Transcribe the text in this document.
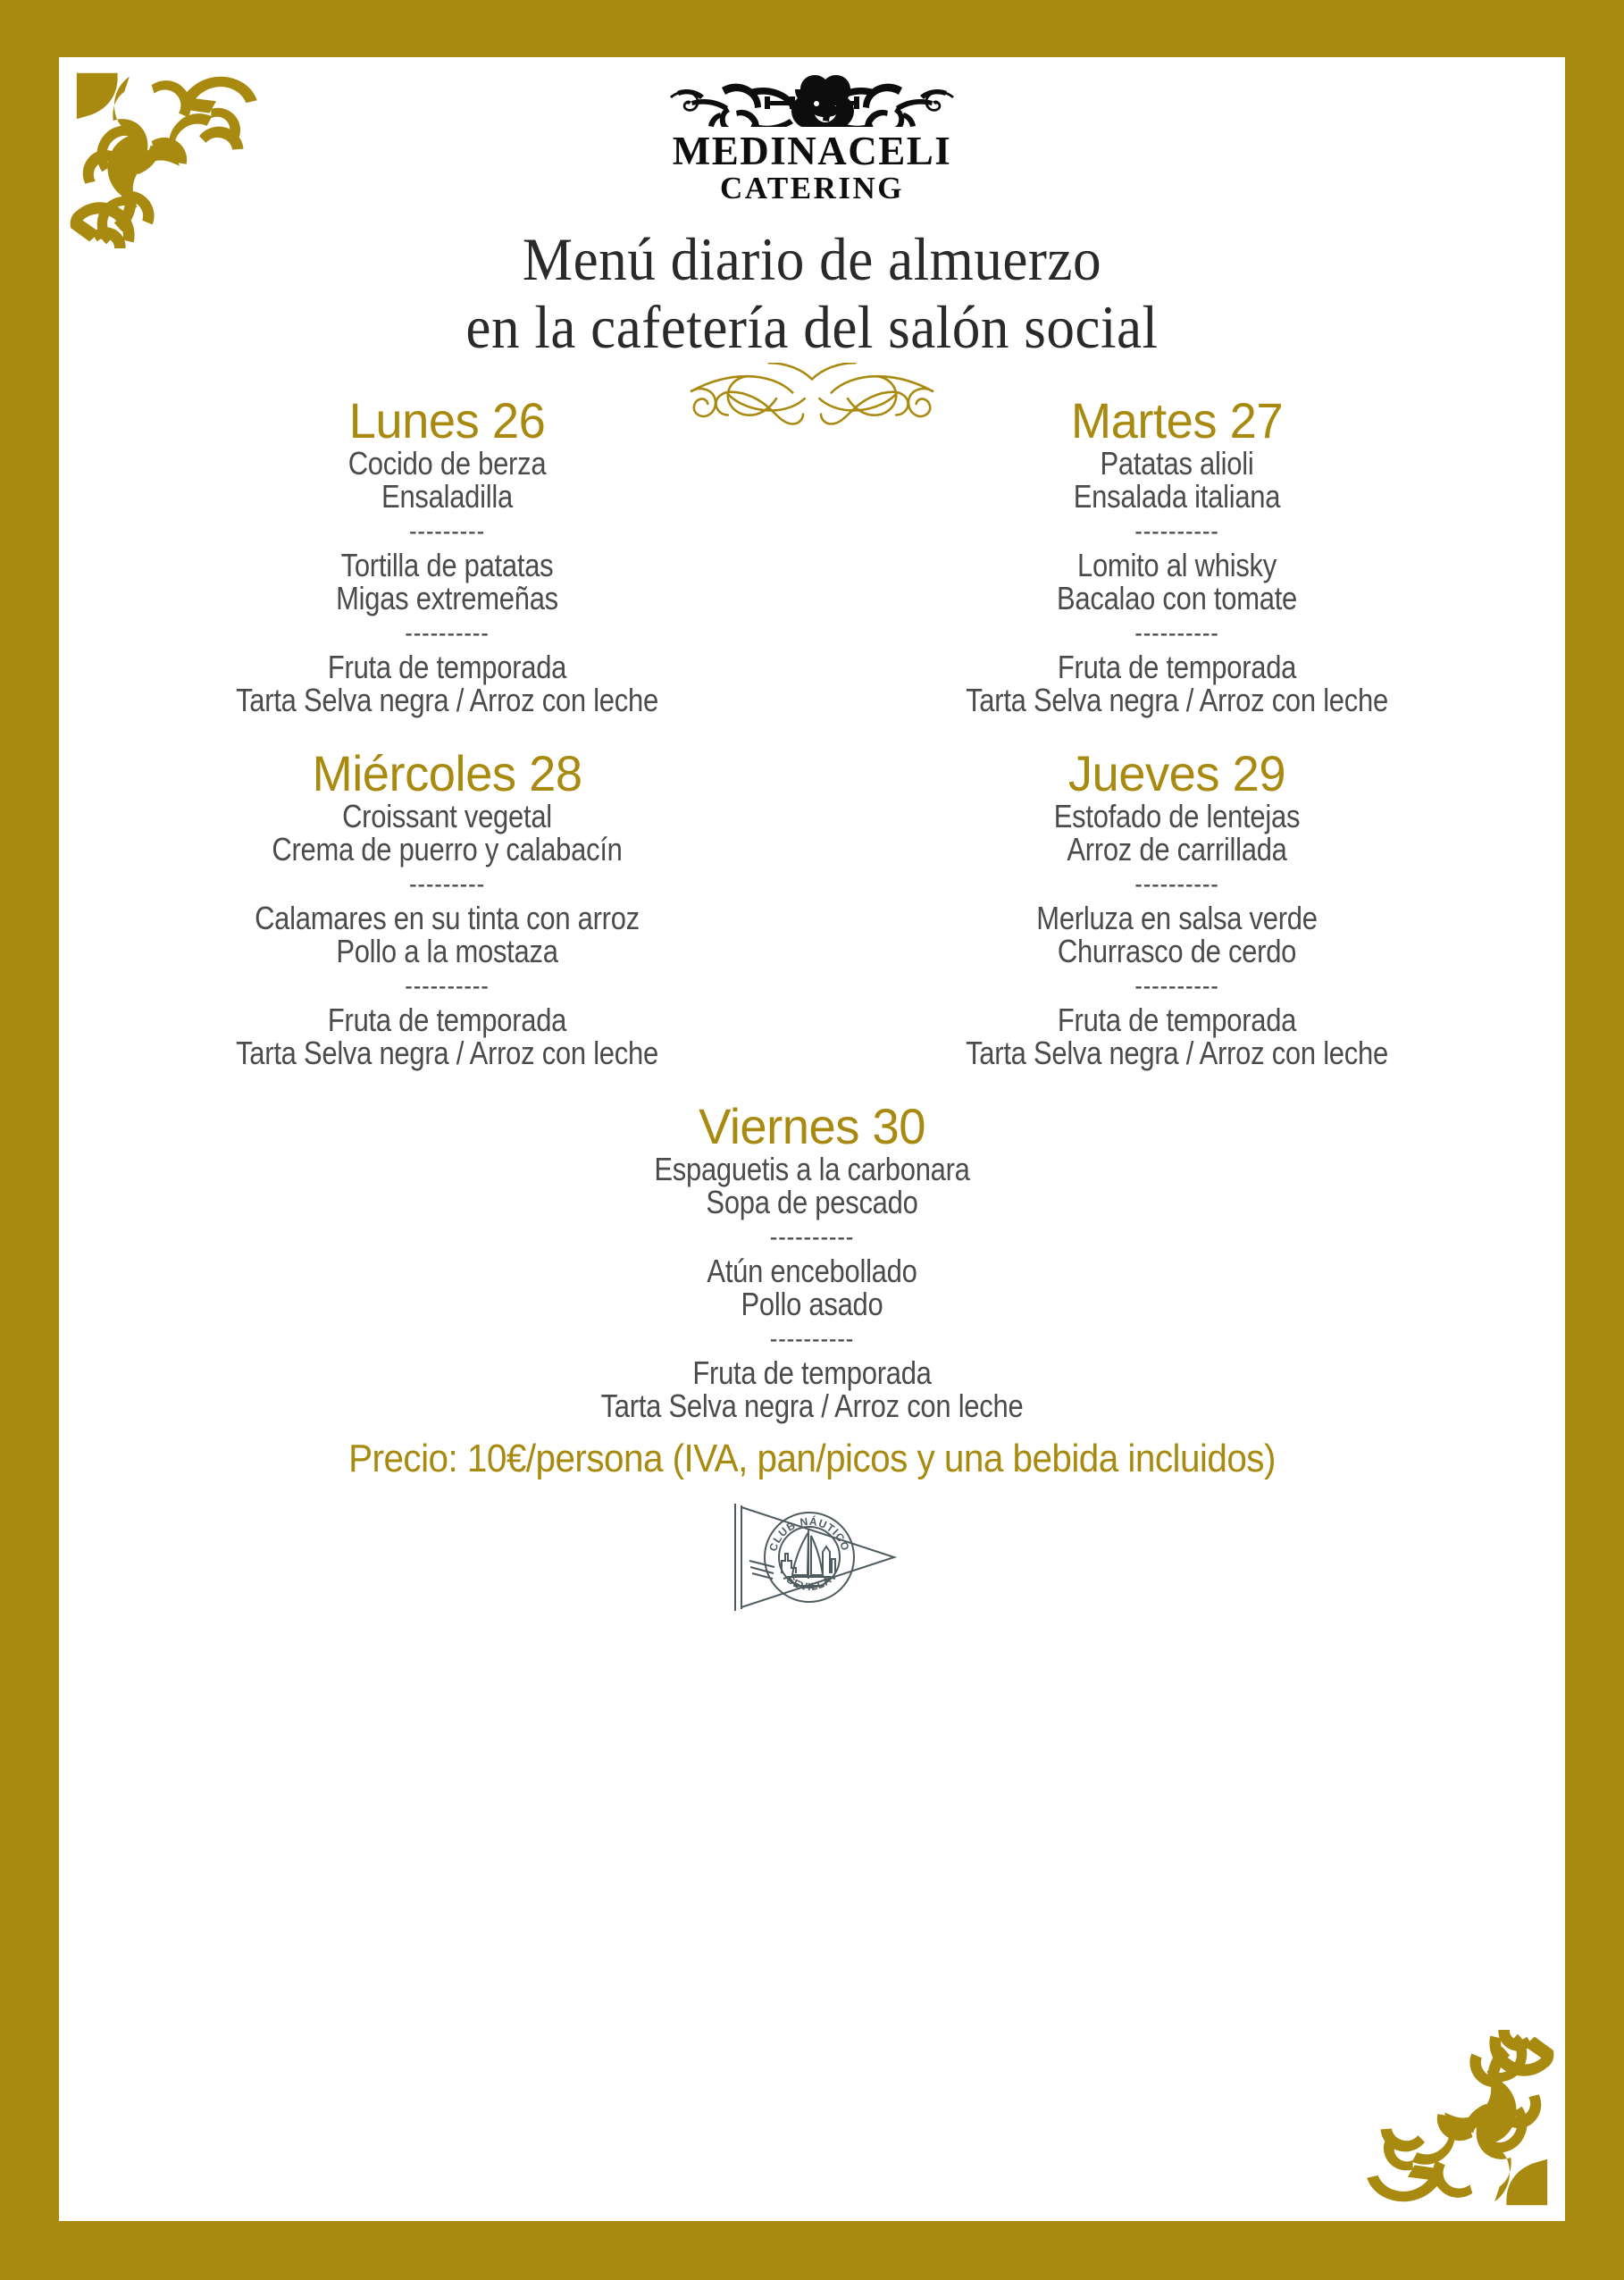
MEDINACELI
CATERING
Menú diario de almuerzo
en la cafetería del salón social
Lunes 26
Cocido de berza
Ensaladilla
---------
Tortilla de patatas
Migas extremeñas
----------
Fruta de temporada
Tarta Selva negra / Arroz con leche
Martes 27
Patatas alioli
Ensalada italiana
----------
Lomito al whisky
Bacalao con tomate
----------
Fruta de temporada
Tarta Selva negra / Arroz con leche
Miércoles 28
Croissant vegetal
Crema de puerro y calabacín
---------
Calamares en su tinta con arroz
Pollo a la mostaza
----------
Fruta de temporada
Tarta Selva negra / Arroz con leche
Jueves 29
Estofado de lentejas
Arroz de carrillada
----------
Merluza en salsa verde
Churrasco de cerdo
----------
Fruta de temporada
Tarta Selva negra / Arroz con leche
Viernes 30
Espaguetis a la carbonara
Sopa de pescado
----------
Atún encebollado
Pollo asado
----------
Fruta de temporada
Tarta Selva negra / Arroz con leche
Precio: 10€/persona (IVA, pan/picos y una bebida incluidos)
CLUB NÁUTICO
SEVILLA
